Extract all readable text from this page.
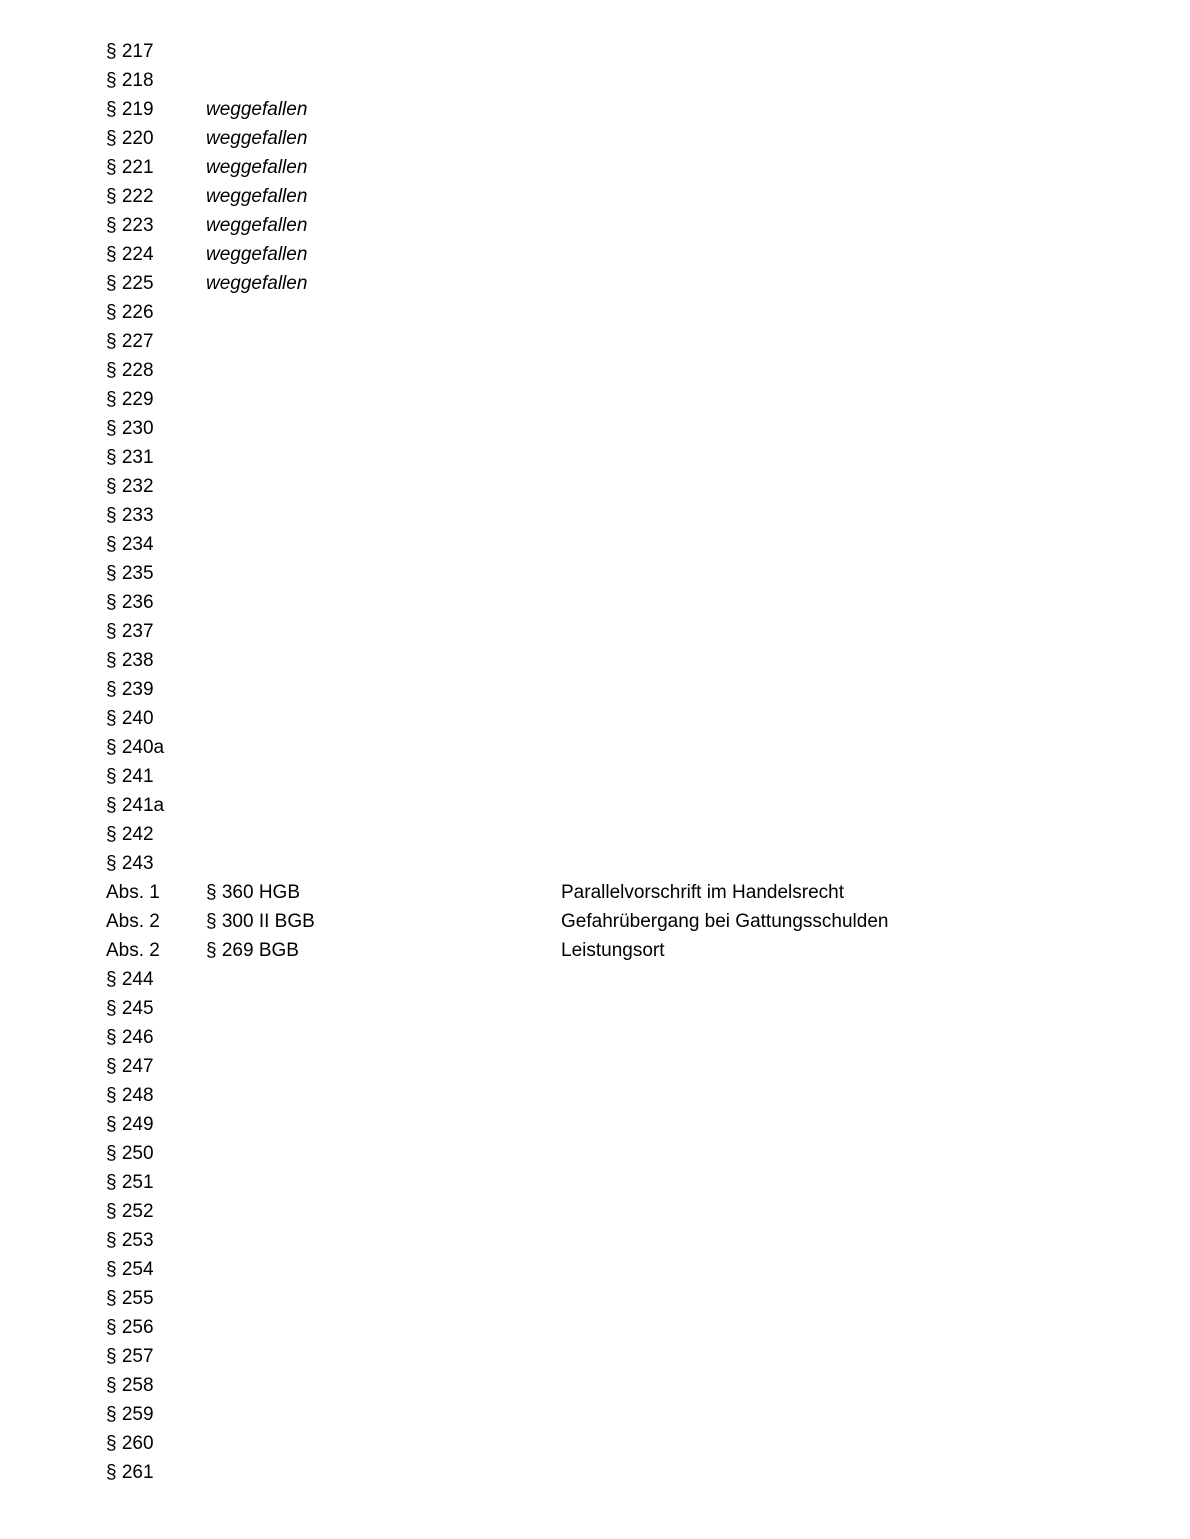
§ 217
§ 218
§ 219	weggefallen
§ 220	weggefallen
§ 221	weggefallen
§ 222	weggefallen
§ 223	weggefallen
§ 224	weggefallen
§ 225	weggefallen
§ 226
§ 227
§ 228
§ 229
§ 230
§ 231
§ 232
§ 233
§ 234
§ 235
§ 236
§ 237
§ 238
§ 239
§ 240
§ 240a
§ 241
§ 241a
§ 242
§ 243
Abs. 1	§ 360 HGB	Parallelvorschrift im Handelsrecht
Abs. 2	§ 300 II BGB	Gefahrübergang bei Gattungsschulden
Abs. 2	§ 269 BGB	Leistungsort
§ 244
§ 245
§ 246
§ 247
§ 248
§ 249
§ 250
§ 251
§ 252
§ 253
§ 254
§ 255
§ 256
§ 257
§ 258
§ 259
§ 260
§ 261
